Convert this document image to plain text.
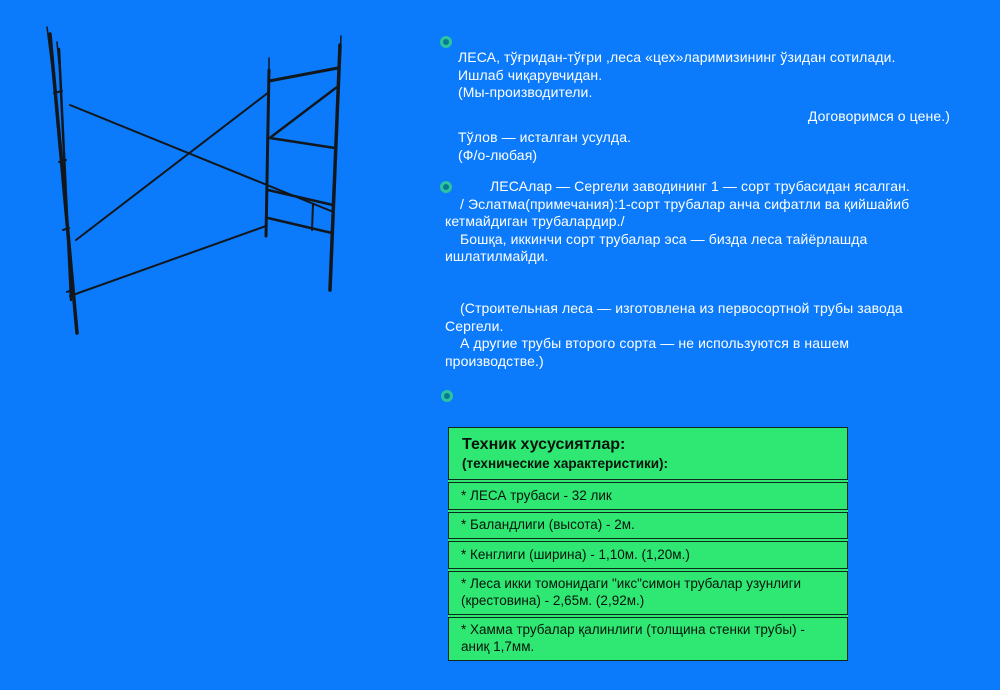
ЛЕСА, тўғридан-тўғри ,леса «цех»ларимизининг ўзидан сотилади.
Ишлаб чиқарувчидан.
(Мы-производители.
Договоримся о цене.)
Тўлов — исталган усулда.
(Ф/о-любая)
ЛЕСАлар — Сергели заводининг 1 — сорт трубасидан ясалган.
/ Эслатма(примечания):1-сорт трубалар анча сифатли ва қийшайиб
кетмайдиган трубалардир./
Бошқа, иккинчи сорт трубалар эса — бизда леса тайёрлашда
ишлатилмайди.
(Строительная леса — изготовлена из первосортной трубы завода
Сергели.
А другие трубы второго сорта — не используются в нашем
производстве.)
Техник хусусиятлар:
(технические характеристики):
* ЛЕСА трубаси - 32 лик
* Баландлиги (высота) - 2м.
* Кенглиги (ширина) - 1,10м. (1,20м.)
* Леса икки томонидаги "икс"симон трубалар узунлиги (крестовина) - 2,65м. (2,92м.)
* Хамма трубалар қалинлиги (толщина стенки трубы) - аниқ 1,7мм.
